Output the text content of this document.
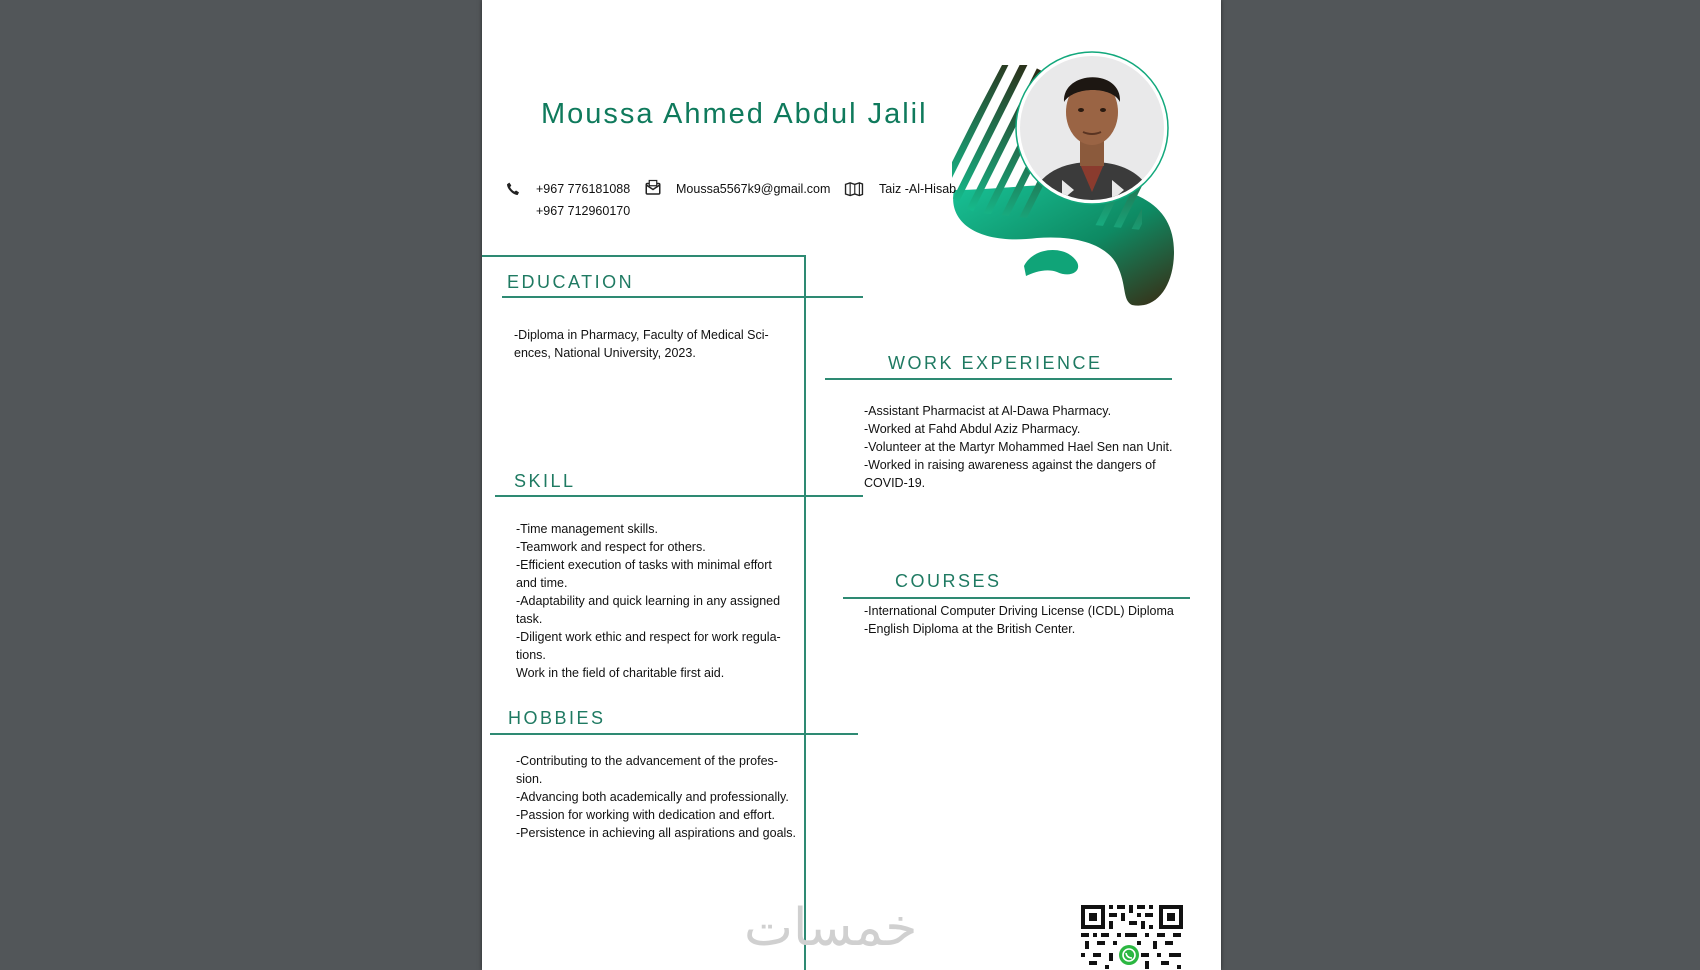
Moussa Ahmed Abdul Jalil
+967 776181088
+967 712960170
Moussa5567k9@gmail.com	Taiz -Al-Hisab
EDUCATION
-Diploma in Pharmacy, Faculty of Medical Sci-
ences, National University, 2023.
SKILL
-Time management skills.
-Teamwork and respect for others.
-Efficient execution of tasks with minimal effort
and time.
-Adaptability and quick learning in any assigned
task.
-Diligent work ethic and respect for work regula-
tions.
Work in the field of charitable first aid.
HOBBIES
-Contributing to the advancement of the profes-
sion.
-Advancing both academically and professionally.
-Passion for working with dedication and effort.
-Persistence in achieving all aspirations and goals.
WORK EXPERIENCE
-Assistant Pharmacist at Al-Dawa Pharmacy.
-Worked at Fahd Abdul Aziz Pharmacy.
-Volunteer at the Martyr Mohammed Hael Sen nan Unit.
-Worked in raising awareness against the dangers of
COVID-19.
COURSES
-International Computer Driving License (ICDL) Diploma
-English Diploma at the British Center.
خمسات
